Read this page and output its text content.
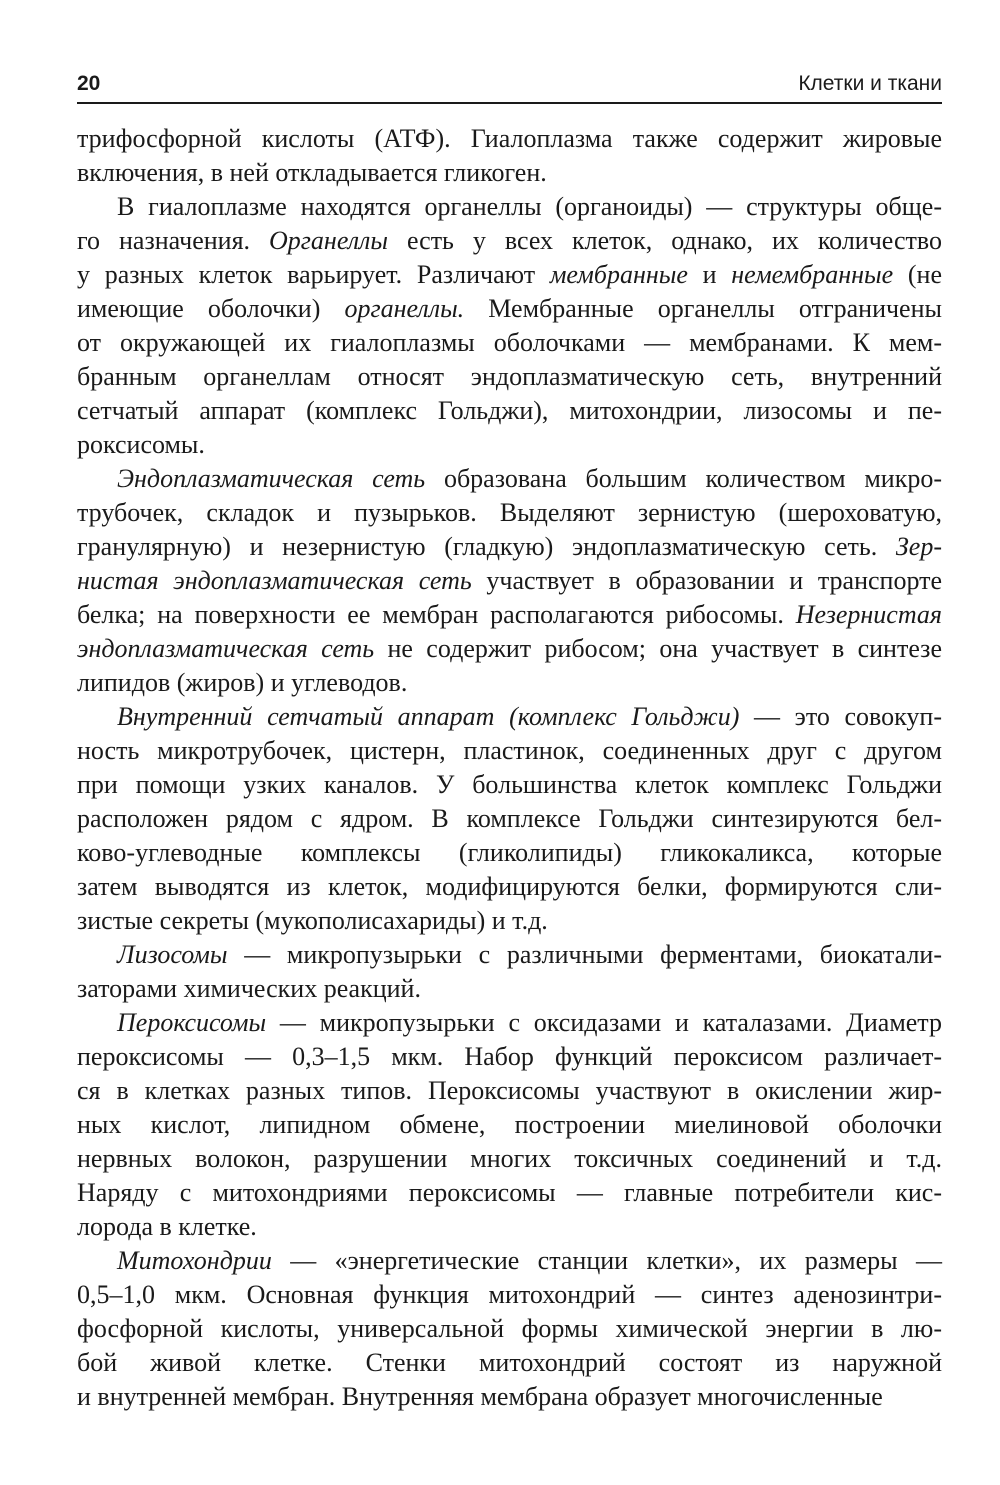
20	Клетки и ткани
трифосфорной кислоты (АТФ). Гиалоплазма также содержит жировые
включения, в ней откладывается гликоген.
В гиалоплазме находятся органеллы (органоиды) — структуры обще-
го назначения. Органеллы есть у всех клеток, однако, их количество
у разных клеток варьирует. Различают мембранные и немембранные (не
имеющие оболочки) органеллы. Мембранные органеллы отграничены
от окружающей их гиалоплазмы оболочками — мембранами. К мем-
бранным органеллам относят эндоплазматическую сеть, внутренний
сетчатый аппарат (комплекс Гольджи), митохондрии, лизосомы и пе-
роксисомы.
Эндоплазматическая сеть образована большим количеством микро-
трубочек, складок и пузырьков. Выделяют зернистую (шероховатую,
гранулярную) и незернистую (гладкую) эндоплазматическую сеть. Зер-
нистая эндоплазматическая сеть участвует в образовании и транспорте
белка; на поверхности ее мембран располагаются рибосомы. Незернистая
эндоплазматическая сеть не содержит рибосом; она участвует в синтезе
липидов (жиров) и углеводов.
Внутренний сетчатый аппарат (комплекс Гольджи) — это совокуп-
ность микротрубочек, цистерн, пластинок, соединенных друг с другом
при помощи узких каналов. У большинства клеток комплекс Гольджи
расположен рядом с ядром. В комплексе Гольджи синтезируются бел-
ково-углеводные комплексы (гликолипиды) гликокаликса, которые
затем выводятся из клеток, модифицируются белки, формируются сли-
зистые секреты (мукополисахариды) и т.д.
Лизосомы — микропузырьки с различными ферментами, биокатали-
заторами химических реакций.
Пероксисомы — микропузырьки с оксидазами и каталазами. Диаметр
пероксисомы — 0,3–1,5 мкм. Набор функций пероксисом различает-
ся в клетках разных типов. Пероксисомы участвуют в окислении жир-
ных кислот, липидном обмене, построении миелиновой оболочки
нервных волокон, разрушении многих токсичных соединений и т.д.
Наряду с митохондриями пероксисомы — главные потребители кис-
лорода в клетке.
Митохондрии — «энергетические станции клетки», их размеры —
0,5–1,0 мкм. Основная функция митохондрий — синтез аденозинтри-
фосфорной кислоты, универсальной формы химической энергии в лю-
бой живой клетке. Стенки митохондрий состоят из наружной
и внутренней мембран. Внутренняя мембрана образует многочисленные
